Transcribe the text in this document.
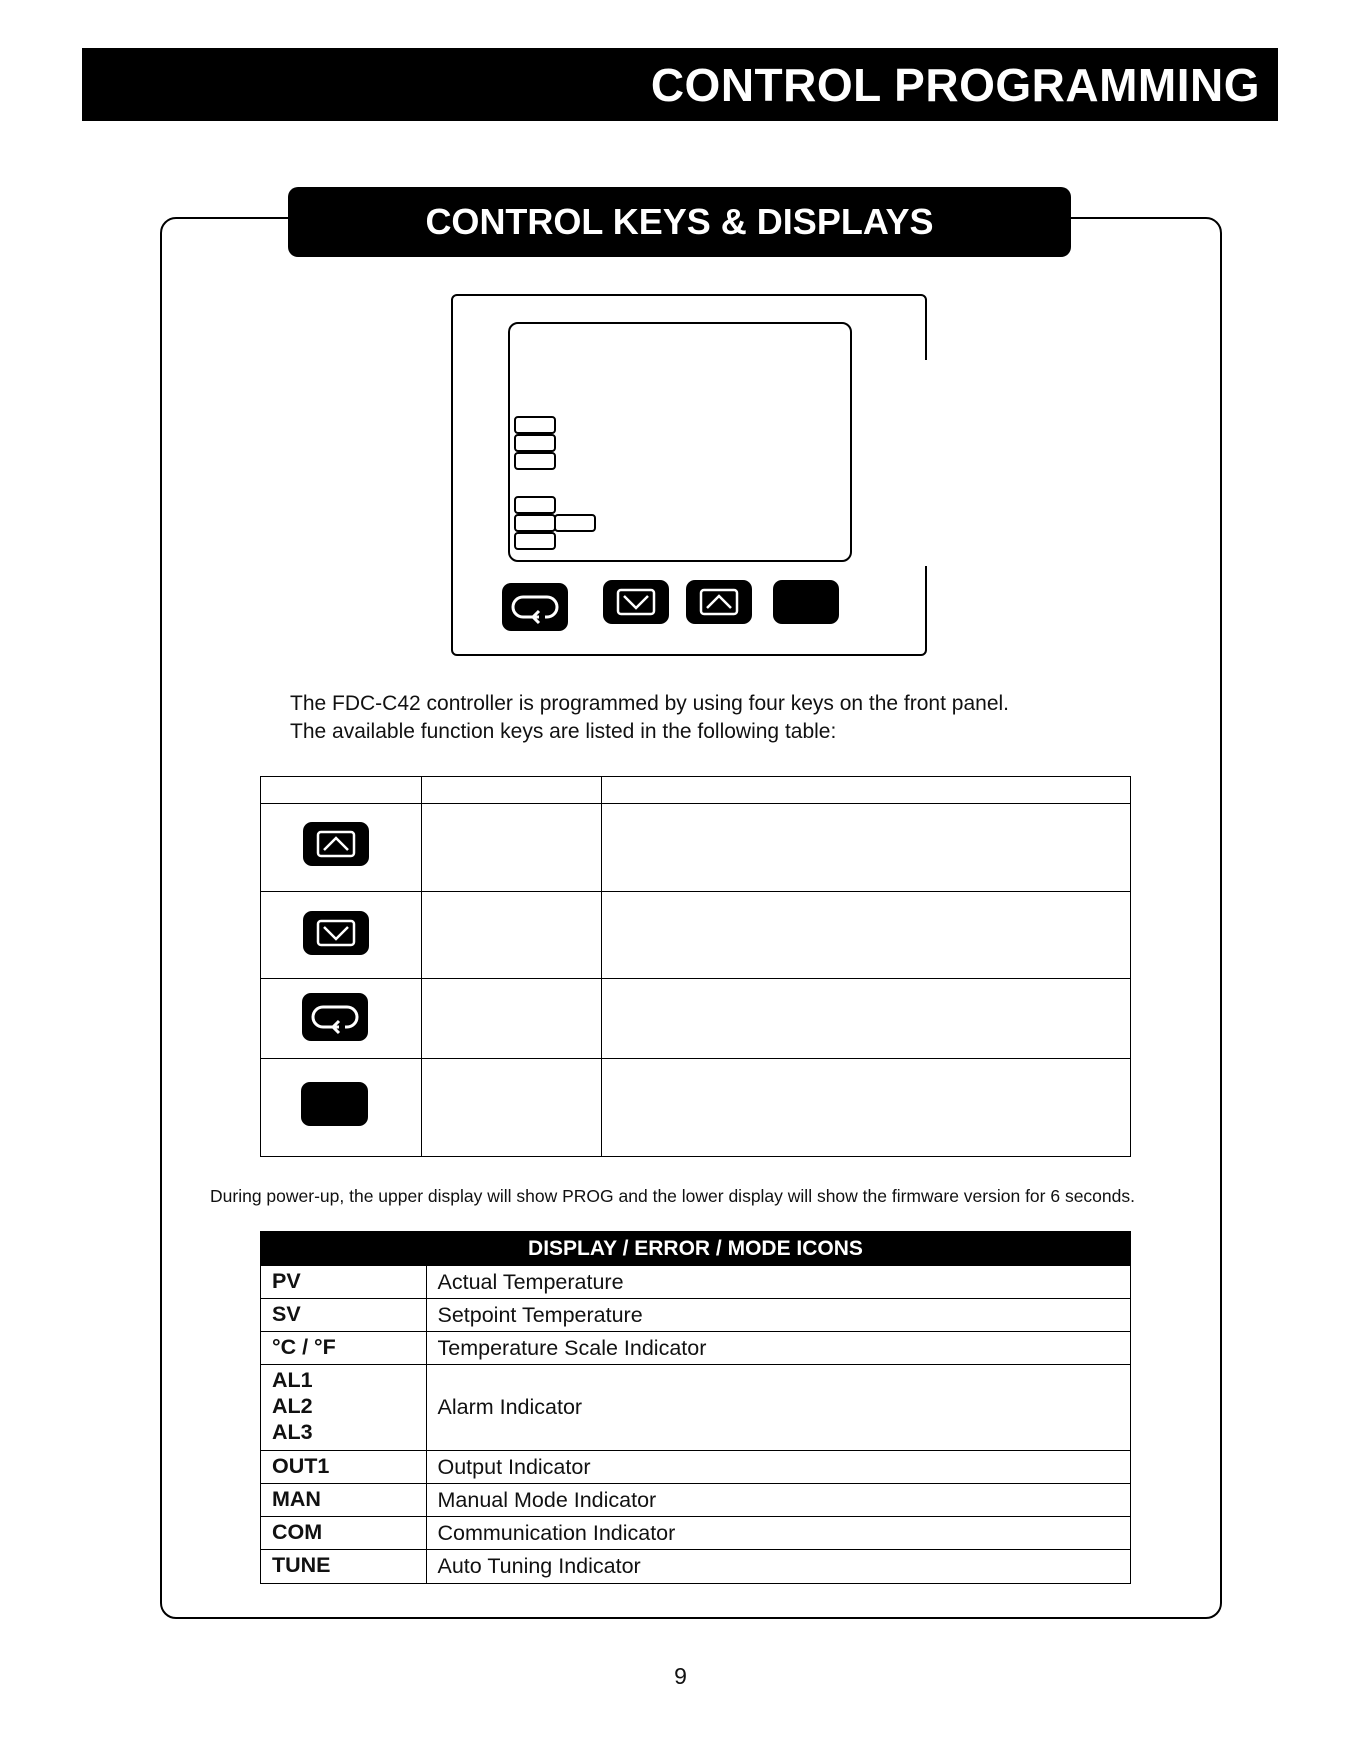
CONTROL PROGRAMMING
CONTROL KEYS & DISPLAYS
The FDC-C42 controller is programmed by using four keys on the front panel.
The available function keys are listed in the following table:
During power-up, the upper display will show PROG and the lower display will show the firmware version for 6 seconds.
DISPLAY / ERROR / MODE ICONS
PV	Actual Temperature

SV	Setpoint Temperature

°C / °F	Temperature Scale Indicator

AL1
AL2
AL3	Alarm Indicator

OUT1	Output Indicator

MAN	Manual Mode Indicator

COM	Communication Indicator

TUNE	Auto Tuning Indicator
9
